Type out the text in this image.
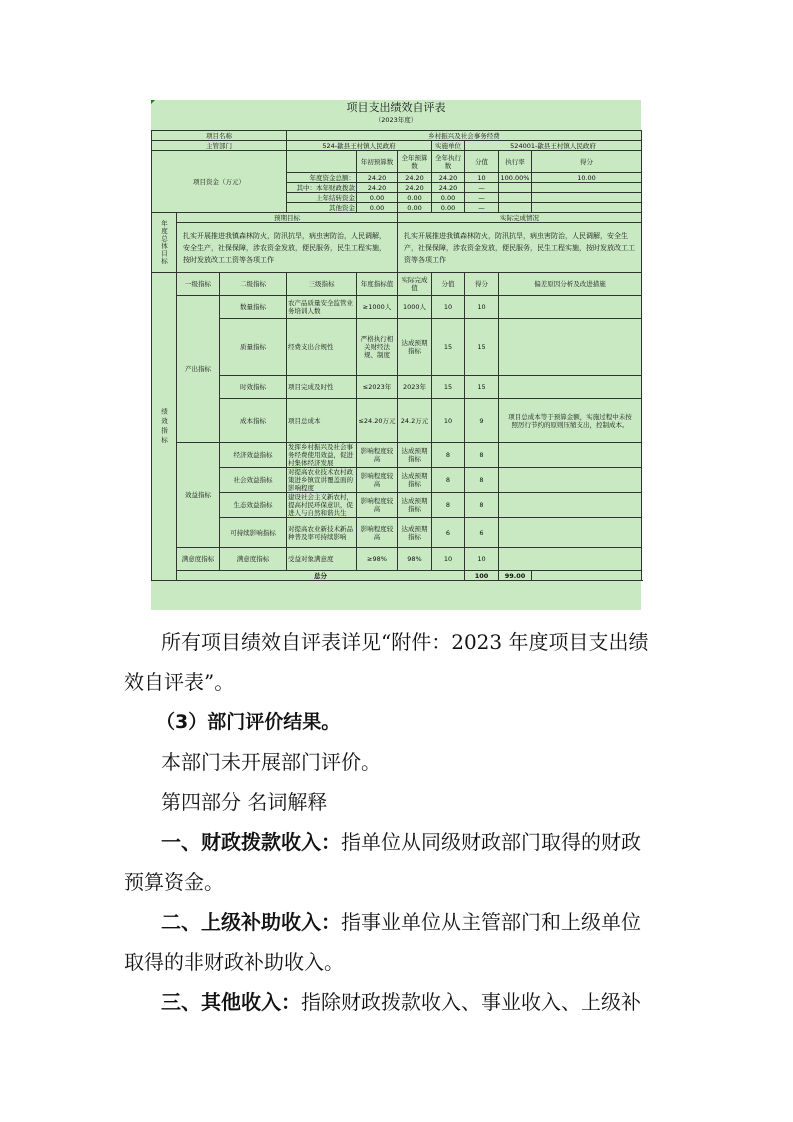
项目支出绩效自评表
（2023年度）
项目名称			乡村振兴及社会事务经费						
主管部门			524-歙县王村镇人民政府			实施单位	524001-歙县王村镇人民政府		
项目资金（万元）				年初预算数	全年预算数	全年执行数	分值	执行率	得分
			年度资金总额：	24.20	24.20	24.20	10	100.00%	10.00
			其中：本年财政拨款	24.20	24.20	24.20	—		
			上年结转资金	0.00	0.00	0.00	—		
			其他资金	0.00	0.00	0.00	—		
年度总体目标	预期目标				实际完成情况				
	扎实开展推进我镇森林防火，防汛抗旱，病虫害防治，人民调解，安全生产，社保保障，涉农资金发放，便民服务，民生工程实施，按时发放改工工资等各项工作				扎实开展推进我镇森林防火，防汛抗旱，病虫害防治，人民调解，安全生产，社保保障，涉农资金发放，便民服务，民生工程实施，按时发放改工工资等各项工作				
绩效指标	一级指标	二级指标	三级指标	年度指标值	实际完成值	分值	得分	偏差原因分析及改进措施	
	产出指标	数量指标	农产品质量安全监管业务培训人数	≥1000人	1000人	10	10		
		质量指标	经费支出合规性	严格执行相关财经法规、制度	达成预期指标	15	15		
		时效指标	项目完成及时性	≤2023年	2023年	15	15		
		成本指标	项目总成本	≤24.20万元	24.2万元	10	9	项目总成本等于预算金额，实施过程中未按照厉行节约的原则压缩支出，控制成本。	
	效益指标	经济效益指标	发挥乡村振兴及社会事务经费使用效益，促进村集体经济发展	影响程度较高	达成预期指标	8	8		
		社会效益指标	对提高农业技术农村政策进乡镇宣讲覆盖面的影响程度	影响程度较高	达成预期指标	8	8		
		生态效益指标	建设社会主义新农村，提高村民环保意识，促进人与自然和谐共生	影响程度较高	达成预期指标	8	8		
		可持续影响指标	对提高农业新技术新品种普及率可持续影响	影响程度较高	达成预期指标	6	6		
	满意度指标	满意度指标	受益对象满意度	≥98%	98%	10	10		
	总分						100	99.00	
所有项目绩效自评表详见“附件：2023 年度项目支出绩
效自评表”。
（3）部门评价结果。
本部门未开展部门评价。
第四部分 名词解释
一、财政拨款收入：指单位从同级财政部门取得的财政
预算资金。
二、上级补助收入：指事业单位从主管部门和上级单位
取得的非财政补助收入。
三、其他收入：指除财政拨款收入、事业收入、上级补
